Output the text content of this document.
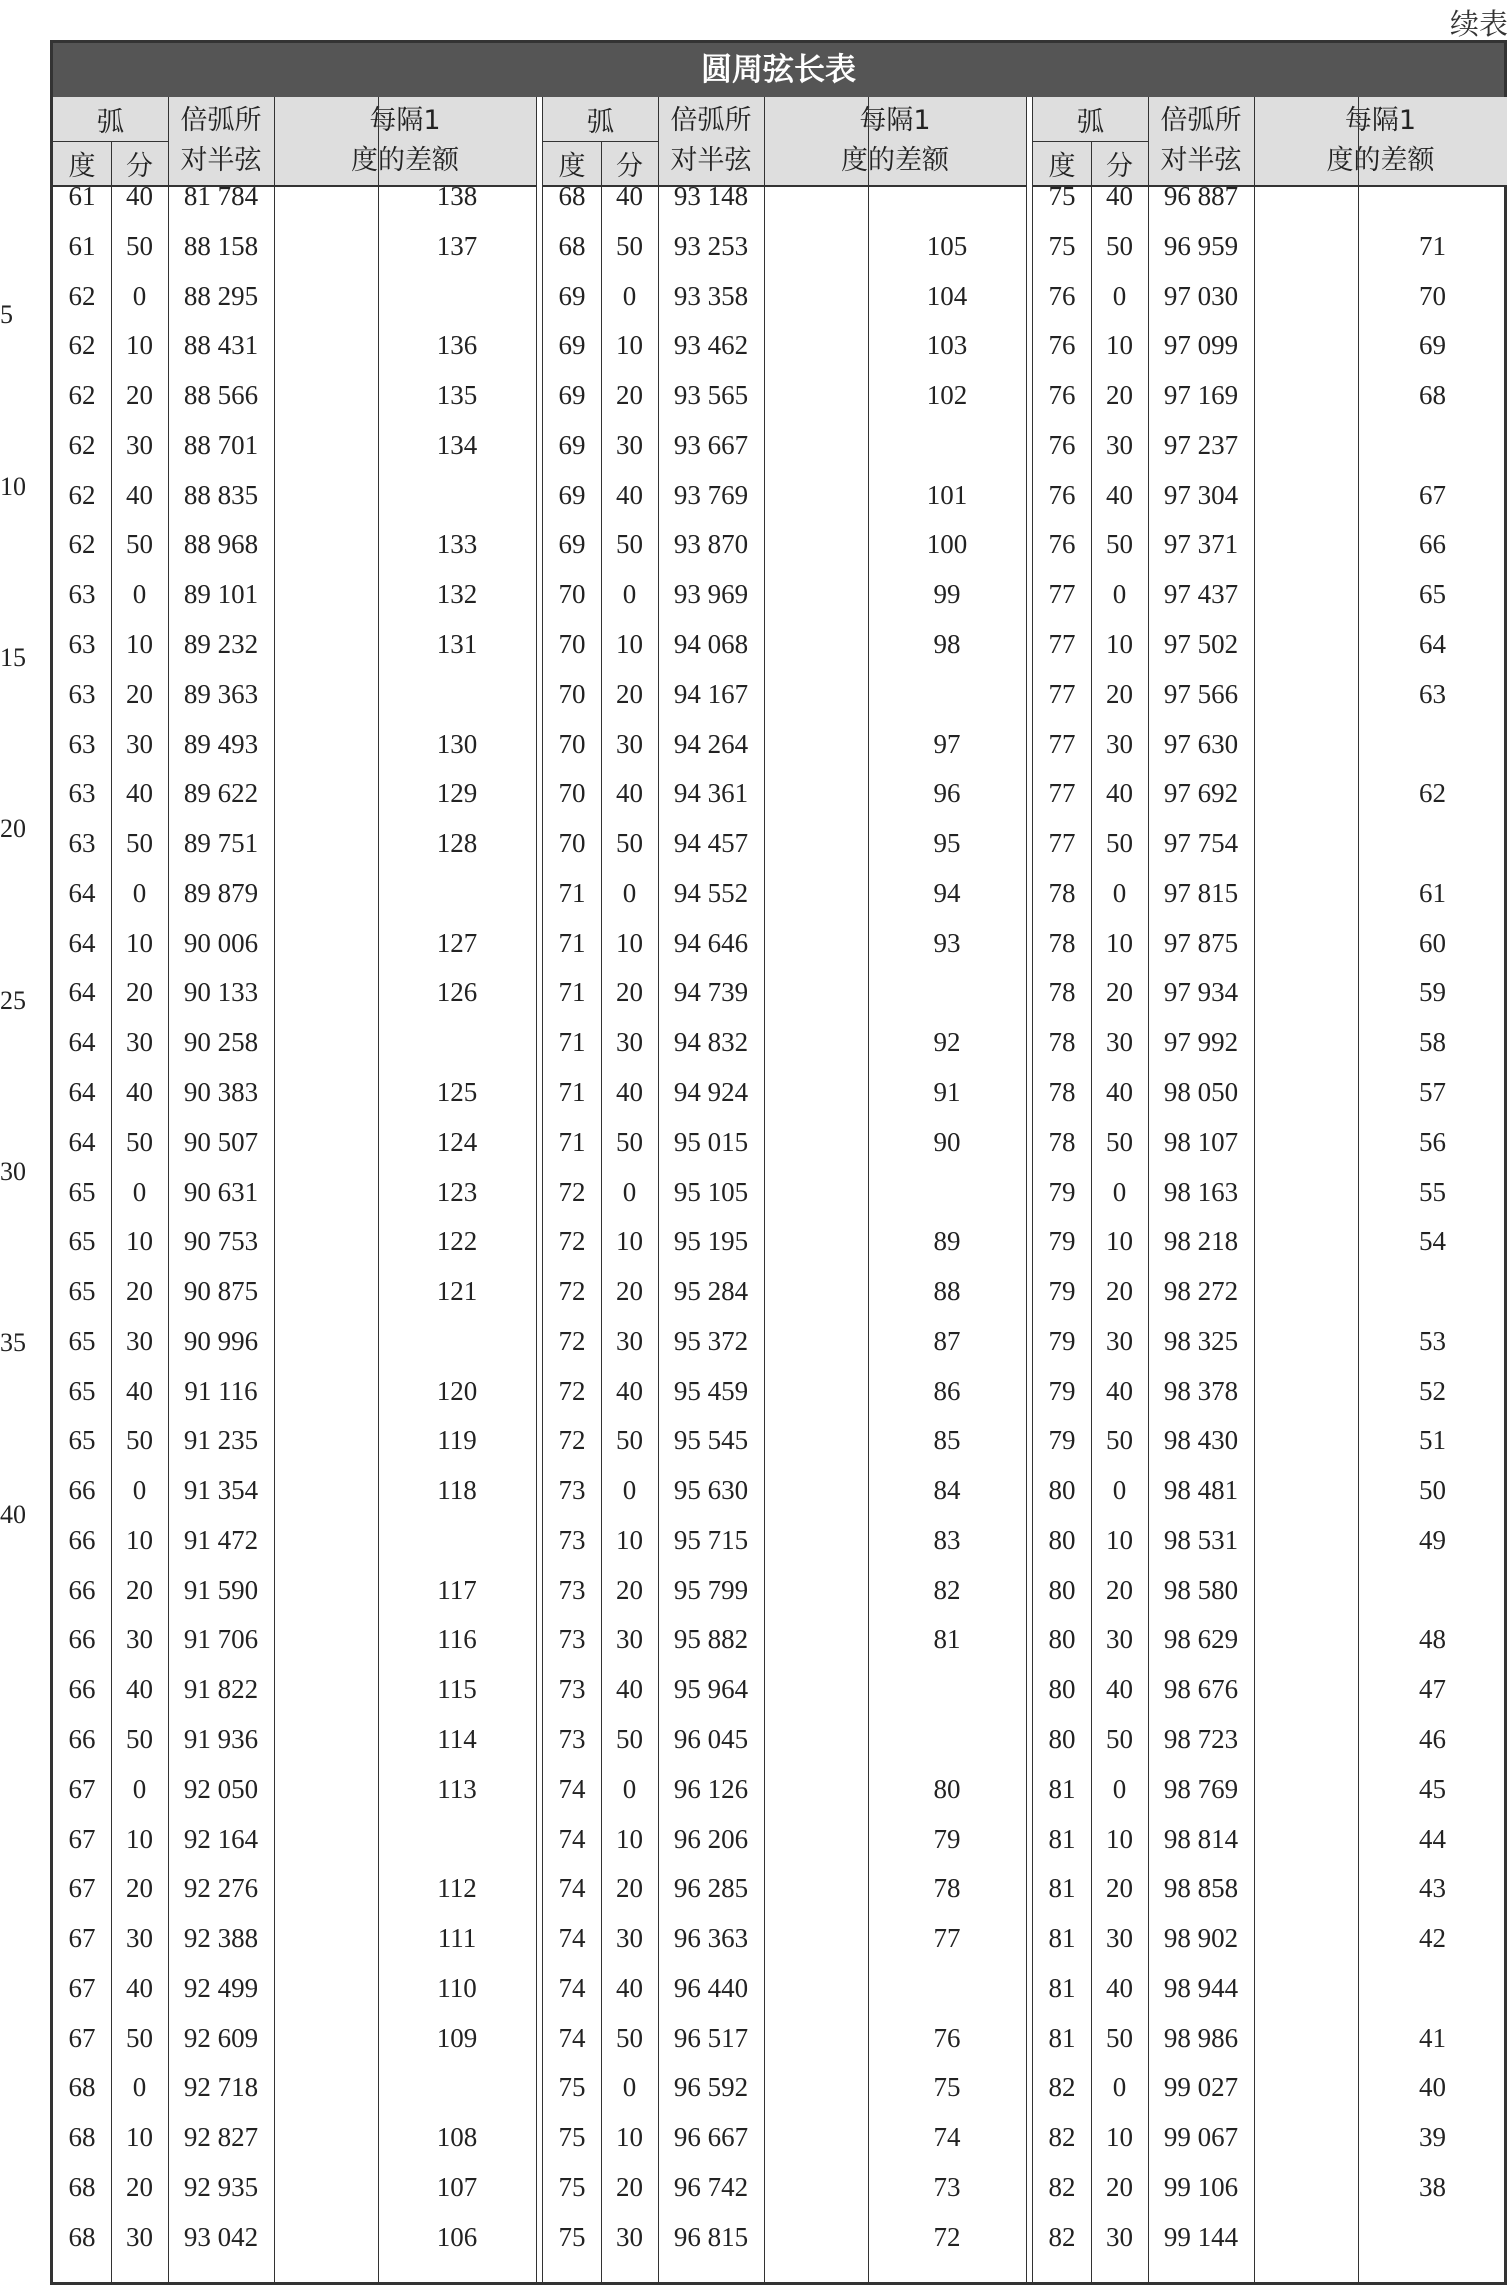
续表
5
10
15
20
25
30
35
40
圆周弦长表
弧	倍弧所
对半弦
每隔1
度的差额
度	分
61	40	81 784	138
61	50	88 158	137
62	0	88 295
62	10	88 431	136
62	20	88 566	135
62	30	88 701	134
62	40	88 835
62	50	88 968	133
63	0	89 101	132
63	10	89 232	131
63	20	89 363
63	30	89 493	130
63	40	89 622	129
63	50	89 751	128
64	0	89 879
64	10	90 006	127
64	20	90 133	126
64	30	90 258
64	40	90 383	125
64	50	90 507	124
65	0	90 631	123
65	10	90 753	122
65	20	90 875	121
65	30	90 996
65	40	91 116	120
65	50	91 235	119
66	0	91 354	118
66	10	91 472
66	20	91 590	117
66	30	91 706	116
66	40	91 822	115
66	50	91 936	114
67	0	92 050	113
67	10	92 164
67	20	92 276	112
67	30	92 388	111
67	40	92 499	110
67	50	92 609	109
68	0	92 718
68	10	92 827	108
68	20	92 935	107
68	30	93 042	106
弧	倍弧所
对半弦
每隔1
度的差额
度	分
68	40	93 148
68	50	93 253	105
69	0	93 358	104
69	10	93 462	103
69	20	93 565	102
69	30	93 667
69	40	93 769	101
69	50	93 870	100
70	0	93 969	99
70	10	94 068	98
70	20	94 167
70	30	94 264	97
70	40	94 361	96
70	50	94 457	95
71	0	94 552	94
71	10	94 646	93
71	20	94 739
71	30	94 832	92
71	40	94 924	91
71	50	95 015	90
72	0	95 105
72	10	95 195	89
72	20	95 284	88
72	30	95 372	87
72	40	95 459	86
72	50	95 545	85
73	0	95 630	84
73	10	95 715	83
73	20	95 799	82
73	30	95 882	81
73	40	95 964
73	50	96 045
74	0	96 126	80
74	10	96 206	79
74	20	96 285	78
74	30	96 363	77
74	40	96 440
74	50	96 517	76
75	0	96 592	75
75	10	96 667	74
75	20	96 742	73
75	30	96 815	72
弧	倍弧所
对半弦
每隔1
度的差额
度	分
75	40	96 887
75	50	96 959	71
76	0	97 030	70
76	10	97 099	69
76	20	97 169	68
76	30	97 237
76	40	97 304	67
76	50	97 371	66
77	0	97 437	65
77	10	97 502	64
77	20	97 566	63
77	30	97 630
77	40	97 692	62
77	50	97 754
78	0	97 815	61
78	10	97 875	60
78	20	97 934	59
78	30	97 992	58
78	40	98 050	57
78	50	98 107	56
79	0	98 163	55
79	10	98 218	54
79	20	98 272
79	30	98 325	53
79	40	98 378	52
79	50	98 430	51
80	0	98 481	50
80	10	98 531	49
80	20	98 580
80	30	98 629	48
80	40	98 676	47
80	50	98 723	46
81	0	98 769	45
81	10	98 814	44
81	20	98 858	43
81	30	98 902	42
81	40	98 944
81	50	98 986	41
82	0	99 027	40
82	10	99 067	39
82	20	99 106	38
82	30	99 144
